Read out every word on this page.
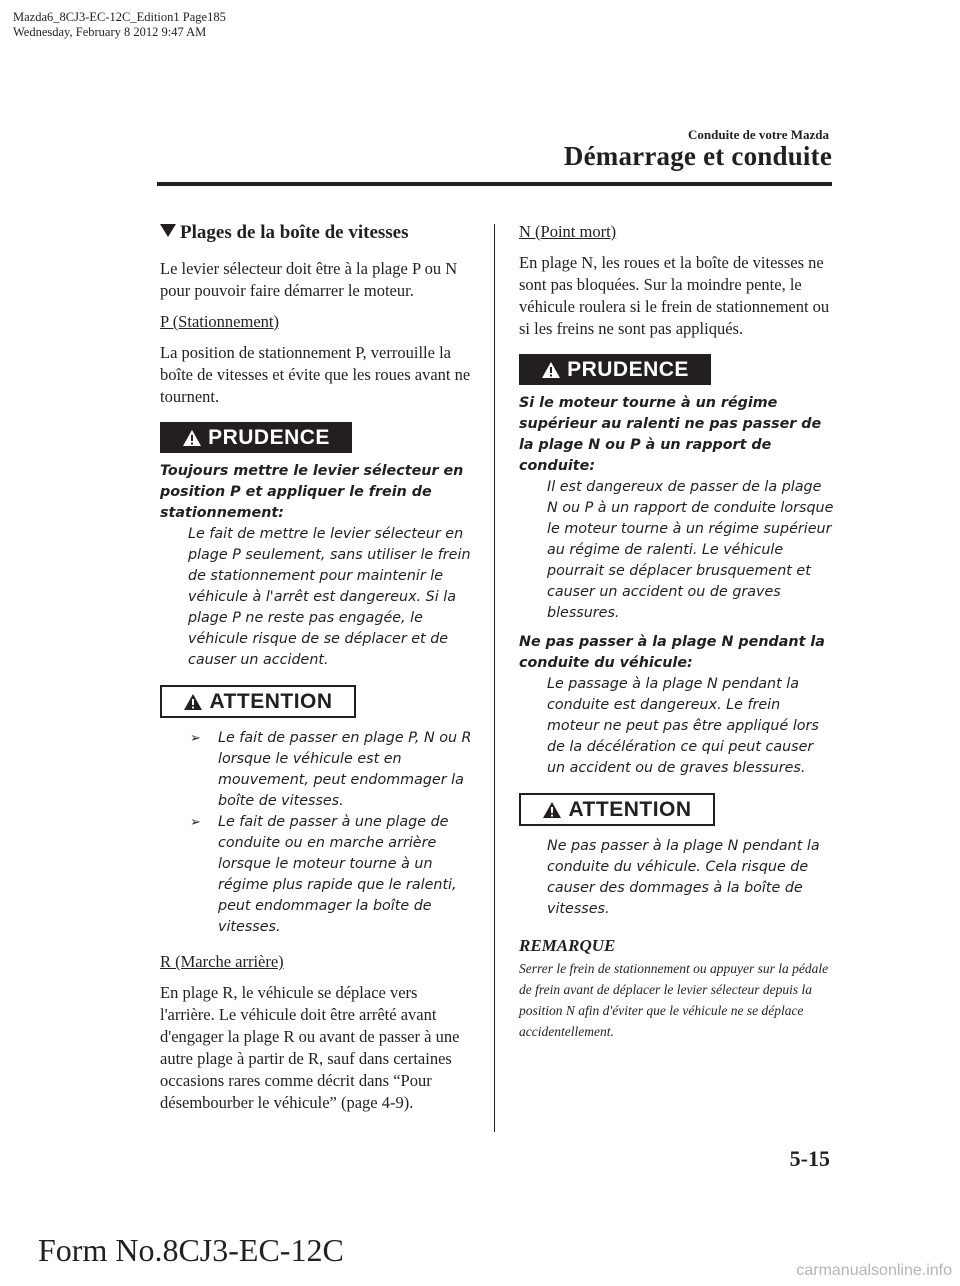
Mazda6_8CJ3-EC-12C_Edition1 Page185
Wednesday, February 8 2012 9:47 AM
Conduite de votre Mazda
Démarrage et conduite
Plages de la boîte de vitesses

Le levier sélecteur doit être à la plage P ou N pour pouvoir faire démarrer le moteur.

P (Stationnement)

La position de stationnement P, verrouille la boîte de vitesses et évite que les roues avant ne tournent.

PRUDENCE
Toujours mettre le levier sélecteur en position P et appliquer le frein de stationnement:
Le fait de mettre le levier sélecteur en plage P seulement, sans utiliser le frein de stationnement pour maintenir le véhicule à l'arrêt est dangereux. Si la plage P ne reste pas engagée, le véhicule risque de se déplacer et de causer un accident.
ATTENTION
➢ Le fait de passer en plage P, N ou R lorsque le véhicule est en mouvement, peut endommager la boîte de vitesses.
➢ Le fait de passer à une plage de conduite ou en marche arrière lorsque le moteur tourne à un régime plus rapide que le ralenti, peut endommager la boîte de vitesses.
R (Marche arrière)

En plage R, le véhicule se déplace vers l'arrière. Le véhicule doit être arrêté avant d'engager la plage R ou avant de passer à une autre plage à partir de R, sauf dans certaines occasions rares comme décrit dans “Pour désembourber le véhicule” (page 4-9).

N (Point mort)

En plage N, les roues et la boîte de vitesses ne sont pas bloquées. Sur la moindre pente, le véhicule roulera si le frein de stationnement ou si les freins ne sont pas appliqués.

PRUDENCE
Si le moteur tourne à un régime supérieur au ralenti ne pas passer de la plage N ou P à un rapport de conduite:
Il est dangereux de passer de la plage N ou P à un rapport de conduite lorsque le moteur tourne à un régime supérieur au régime de ralenti. Le véhicule pourrait se déplacer brusquement et causer un accident ou de graves blessures.
Ne pas passer à la plage N pendant la conduite du véhicule:
Le passage à la plage N pendant la conduite est dangereux. Le frein moteur ne peut pas être appliqué lors de la décélération ce qui peut causer un accident ou de graves blessures.
ATTENTION
Ne pas passer à la plage N pendant la conduite du véhicule. Cela risque de causer des dommages à la boîte de vitesses.
REMARQUE
Serrer le frein de stationnement ou appuyer sur la pédale de frein avant de déplacer le levier sélecteur depuis la position N afin d'éviter que le véhicule ne se déplace accidentellement.
5-15
Form No.8CJ3-EC-12C
carmanualsonline.info
